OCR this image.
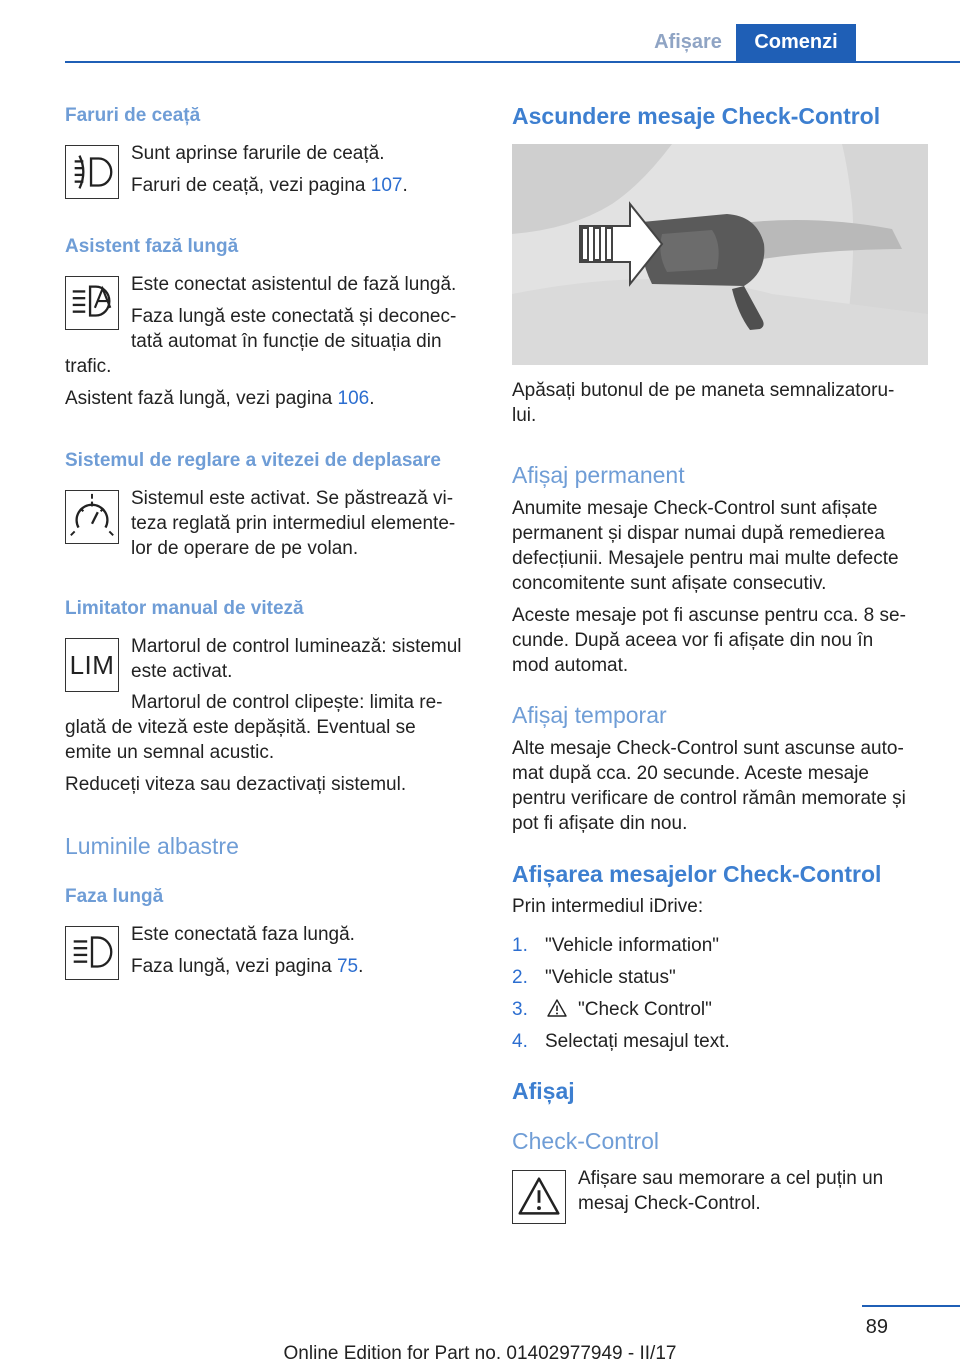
Afișare	Comenzi
Faruri de ceață
Sunt aprinse farurile de ceață.
Faruri de ceață, vezi pagina 107.
Asistent fază lungă
Este conectat asistentul de fază lungă.
Faza lungă este conectată și deconec-
tată automat în funcție de situația din
trafic.
Asistent fază lungă, vezi pagina 106.
Sistemul de reglare a vitezei de deplasare
Sistemul este activat. Se păstrează vi-
teza reglată prin intermediul elemente-
lor de operare de pe volan.
Limitator manual de viteză
LIM
Martorul de control luminează: sistemul
este activat.
Martorul de control clipește: limita re-
glată de viteză este depășită. Eventual se
emite un semnal acustic.
Reduceți viteza sau dezactivați sistemul.
Luminile albastre
Faza lungă
Este conectată faza lungă.
Faza lungă, vezi pagina 75.
Ascundere mesaje Check-Control
Apăsați butonul de pe maneta semnalizatoru-
lui.
Afișaj permanent
Anumite mesaje Check-Control sunt afișate
permanent și dispar numai după remedierea
defecțiunii. Mesajele pentru mai multe defecte
concomitente sunt afișate consecutiv.
Aceste mesaje pot fi ascunse pentru cca. 8 se-
cunde. După aceea vor fi afișate din nou în
mod automat.
Afișaj temporar
Alte mesaje Check-Control sunt ascunse auto-
mat după cca. 20 secunde. Aceste mesaje
pentru verificare de control rămân memorate și
pot fi afișate din nou.
Afișarea mesajelor Check-Control
Prin intermediul iDrive:
1. "Vehicle information"
2. "Vehicle status"
3.	"Check Control"
4. Selectați mesajul text.
Afișaj
Check-Control
Afișare sau memorare a cel puțin un
mesaj Check-Control.
89
Online Edition for Part no. 01402977949 - II/17
